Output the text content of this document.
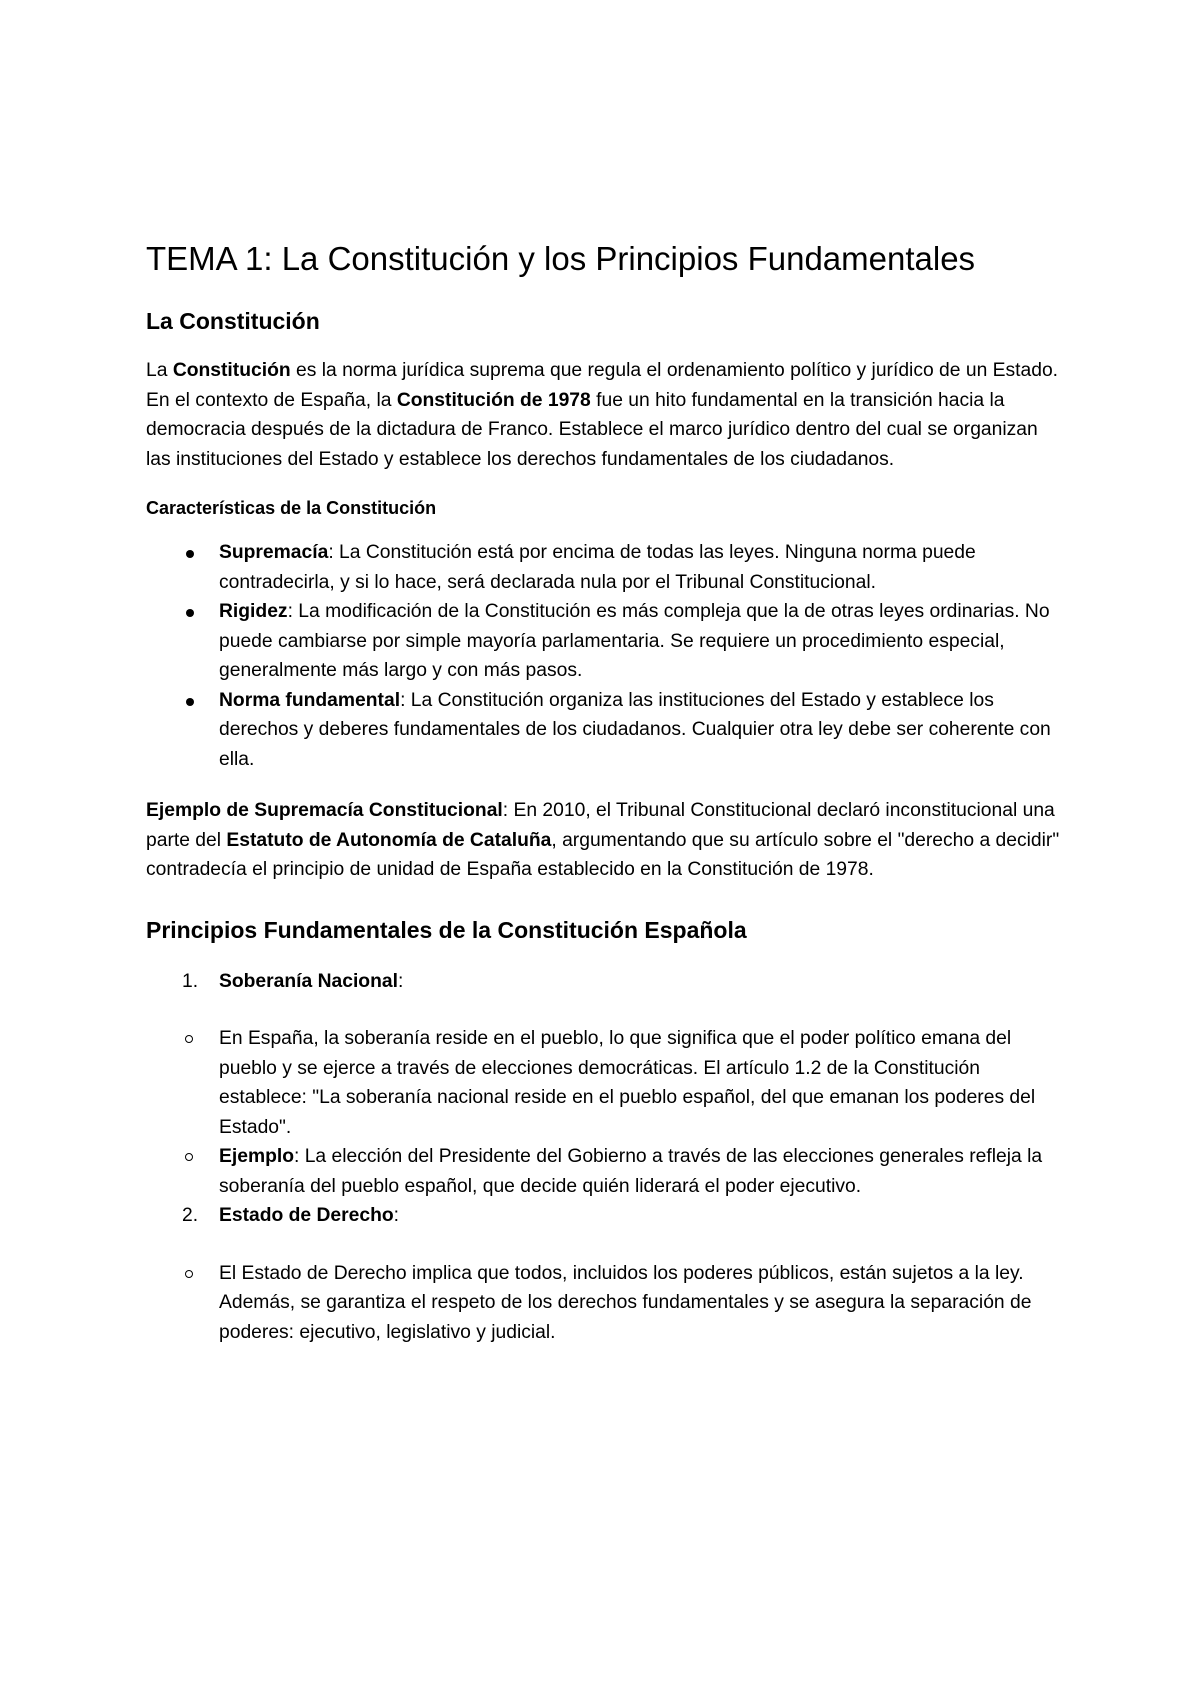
TEMA 1: La Constitución y los Principios Fundamentales
La Constitución

La Constitución es la norma jurídica suprema que regula el ordenamiento político y jurídico de un Estado. En el contexto de España, la Constitución de 1978 fue un hito fundamental en la transición hacia la democracia después de la dictadura de Franco. Establece el marco jurídico dentro del cual se organizan las instituciones del Estado y establece los derechos fundamentales de los ciudadanos.

Características de la Constitución
Supremacía: La Constitución está por encima de todas las leyes. Ninguna norma puede contradecirla, y si lo hace, será declarada nula por el Tribunal Constitucional.
Rigidez: La modificación de la Constitución es más compleja que la de otras leyes ordinarias. No puede cambiarse por simple mayoría parlamentaria. Se requiere un procedimiento especial, generalmente más largo y con más pasos.
Norma fundamental: La Constitución organiza las instituciones del Estado y establece los derechos y deberes fundamentales de los ciudadanos. Cualquier otra ley debe ser coherente con ella.

Ejemplo de Supremacía Constitucional: En 2010, el Tribunal Constitucional declaró inconstitucional una parte del Estatuto de Autonomía de Cataluña, argumentando que su artículo sobre el "derecho a decidir" contradecía el principio de unidad de España establecido en la Constitución de 1978.

Principios Fundamentales de la Constitución Española
1. Soberanía Nacional:
En España, la soberanía reside en el pueblo, lo que significa que el poder político emana del pueblo y se ejerce a través de elecciones democráticas. El artículo 1.2 de la Constitución establece: "La soberanía nacional reside en el pueblo español, del que emanan los poderes del Estado".
Ejemplo: La elección del Presidente del Gobierno a través de las elecciones generales refleja la soberanía del pueblo español, que decide quién liderará el poder ejecutivo.
2. Estado de Derecho:
El Estado de Derecho implica que todos, incluidos los poderes públicos, están sujetos a la ley. Además, se garantiza el respeto de los derechos fundamentales y se asegura la separación de poderes: ejecutivo, legislativo y judicial.
